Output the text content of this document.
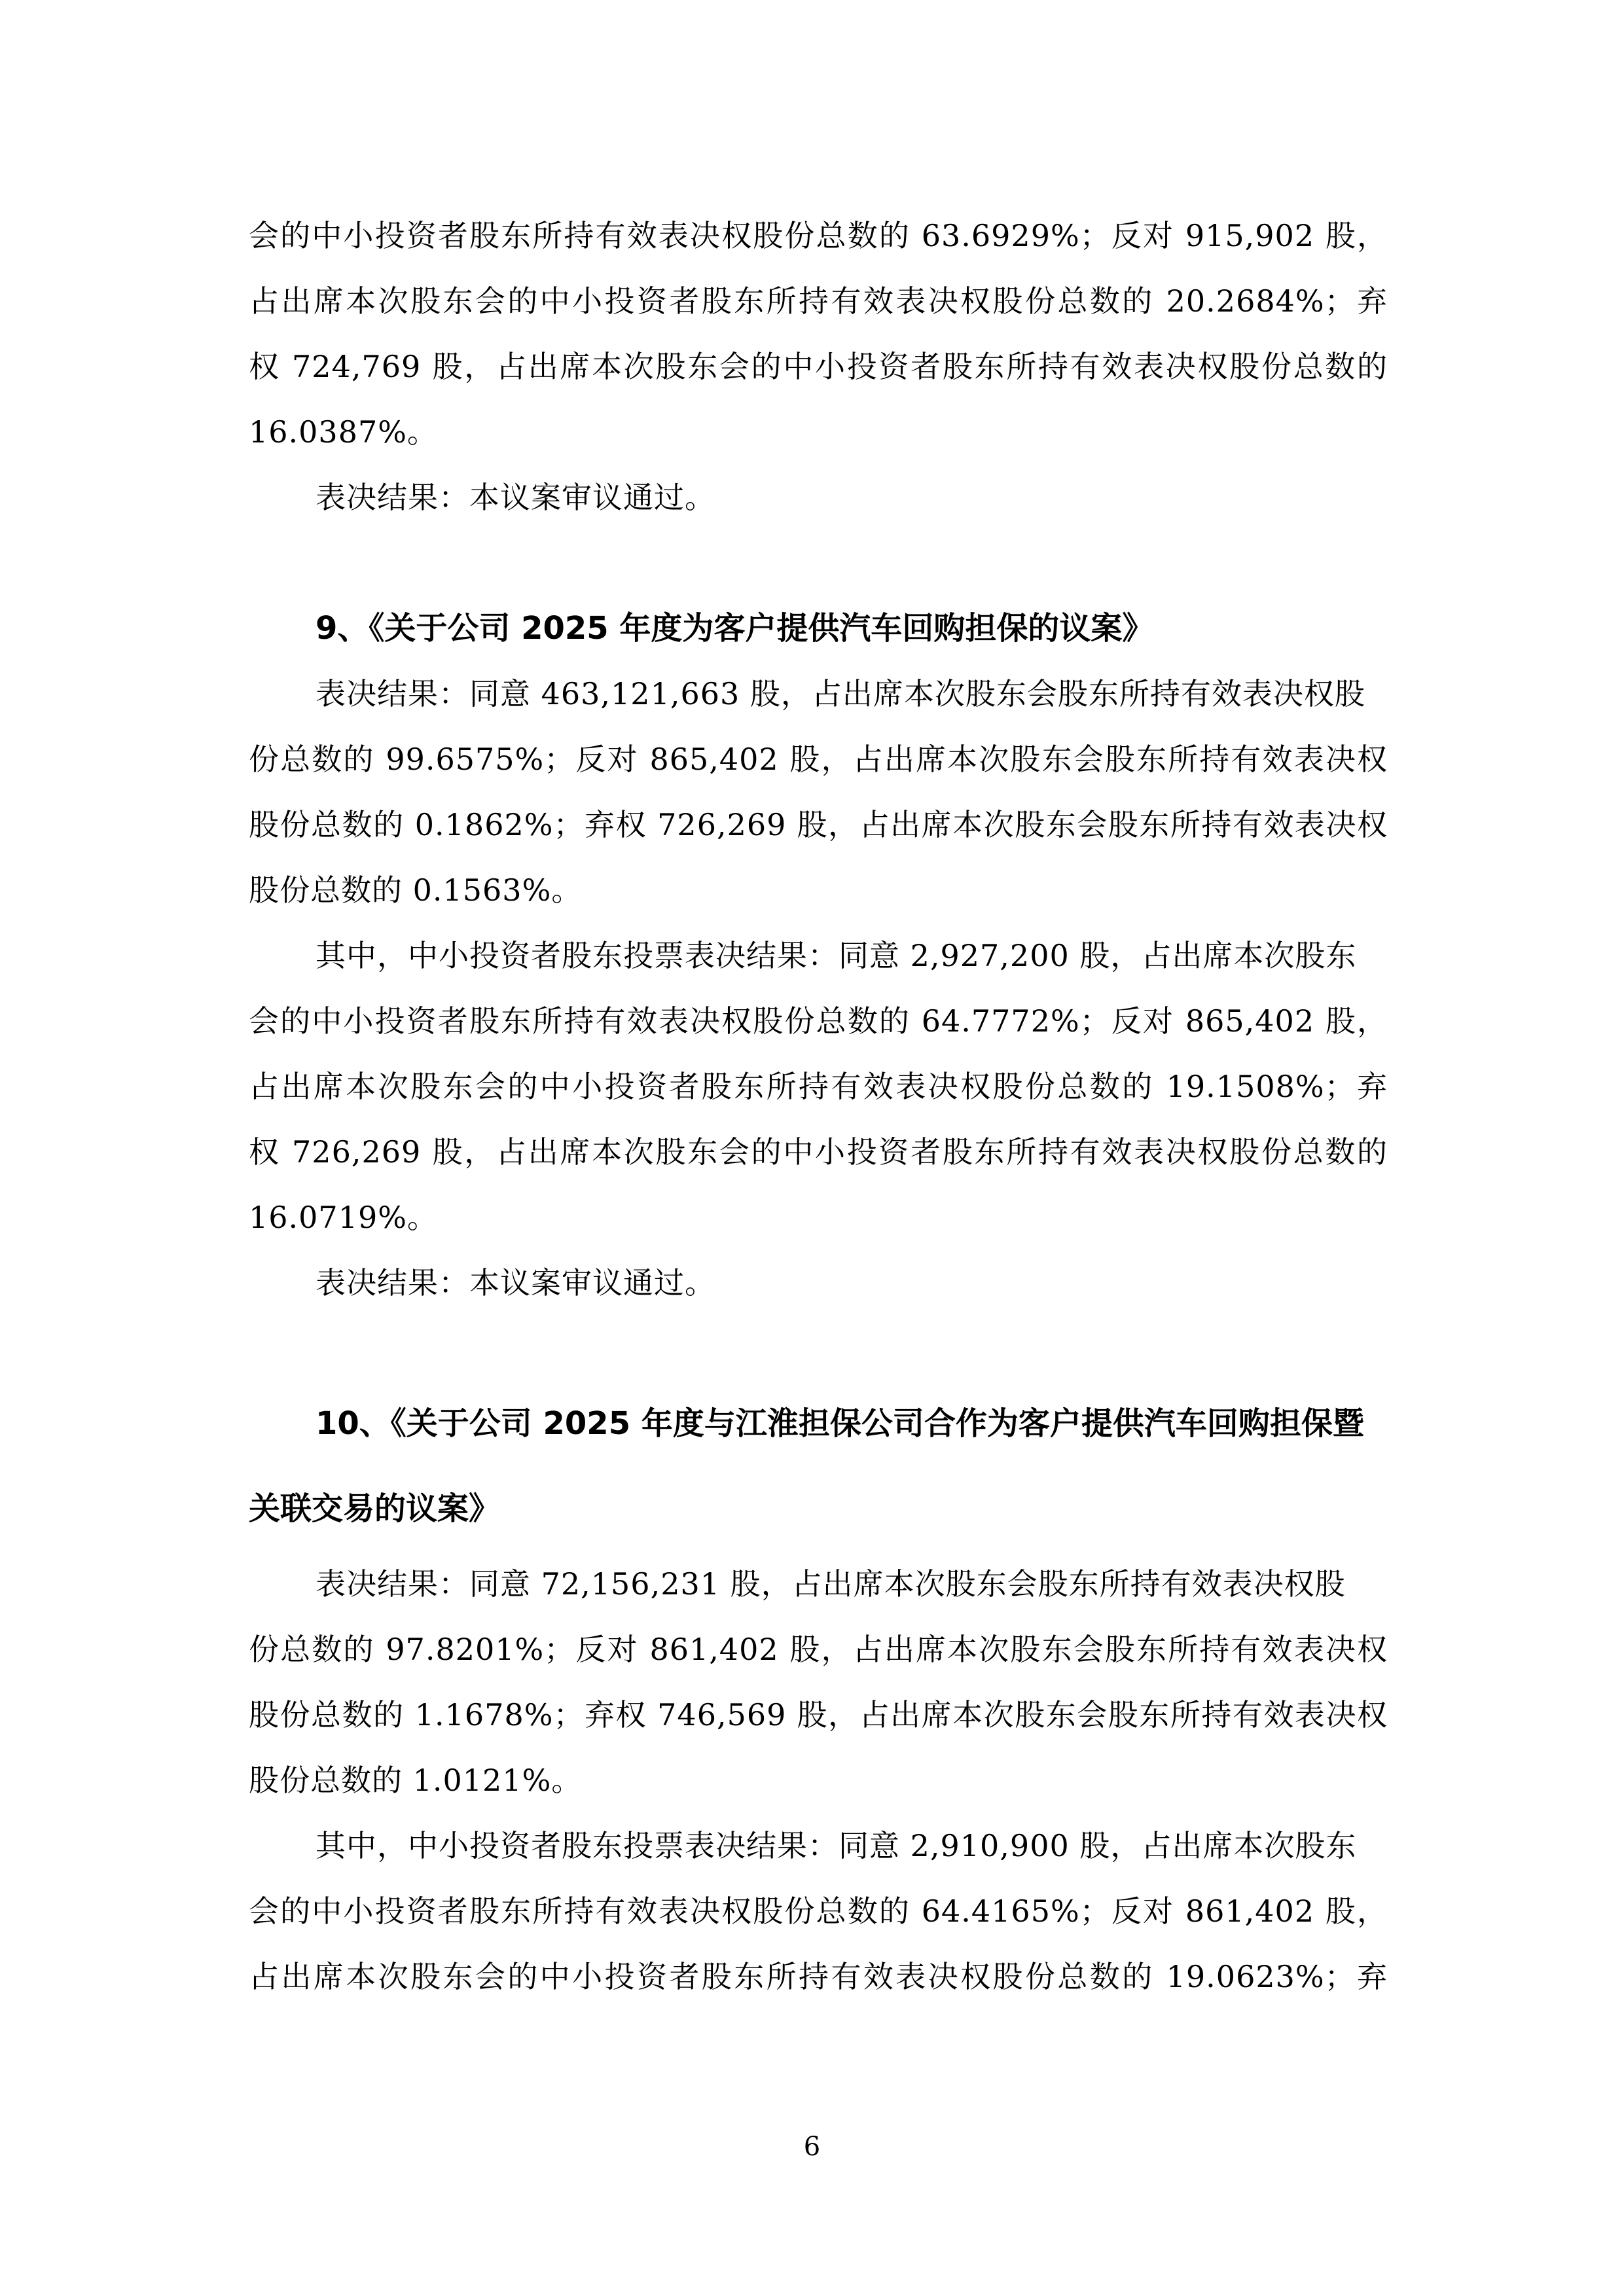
会的中小投资者股东所持有效表决权股份总数的 63.6929%；反对 915,902 股，
占出席本次股东会的中小投资者股东所持有效表决权股份总数的 20.2684%；弃
权 724,769 股，占出席本次股东会的中小投资者股东所持有效表决权股份总数的
16.0387%。
表决结果：本议案审议通过。
9、《关于公司 2025 年度为客户提供汽车回购担保的议案》
表决结果：同意 463,121,663 股，占出席本次股东会股东所持有效表决权股
份总数的 99.6575%；反对 865,402 股，占出席本次股东会股东所持有效表决权
股份总数的 0.1862%；弃权 726,269 股，占出席本次股东会股东所持有效表决权
股份总数的 0.1563%。
其中，中小投资者股东投票表决结果：同意 2,927,200 股，占出席本次股东
会的中小投资者股东所持有效表决权股份总数的 64.7772%；反对 865,402 股，
占出席本次股东会的中小投资者股东所持有效表决权股份总数的 19.1508%；弃
权 726,269 股，占出席本次股东会的中小投资者股东所持有效表决权股份总数的
16.0719%。
表决结果：本议案审议通过。
10、《关于公司 2025 年度与江淮担保公司合作为客户提供汽车回购担保暨
关联交易的议案》
表决结果：同意 72,156,231 股，占出席本次股东会股东所持有效表决权股
份总数的 97.8201%；反对 861,402 股，占出席本次股东会股东所持有效表决权
股份总数的 1.1678%；弃权 746,569 股，占出席本次股东会股东所持有效表决权
股份总数的 1.0121%。
其中，中小投资者股东投票表决结果：同意 2,910,900 股，占出席本次股东
会的中小投资者股东所持有效表决权股份总数的 64.4165%；反对 861,402 股，
占出席本次股东会的中小投资者股东所持有效表决权股份总数的 19.0623%；弃
6
